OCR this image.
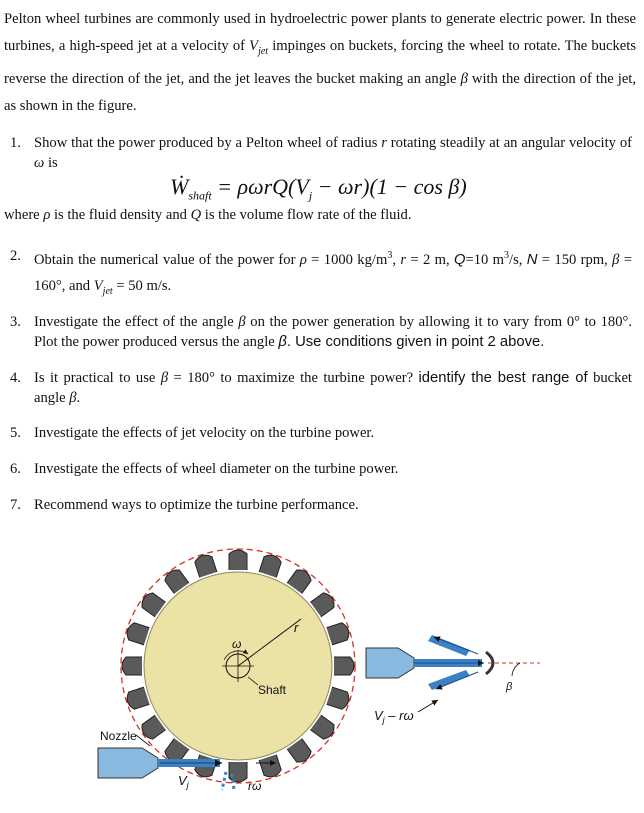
Pelton wheel turbines are commonly used in hydroelectric power plants to generate electric power. In these turbines, a high-speed jet at a velocity of $V_{jet}$ impinges on buckets, forcing the wheel to rotate. The buckets reverse the direction of the jet, and the jet leaves the bucket making an angle β with the direction of the jet, as shown in the figure.
1. Show that the power produced by a Pelton wheel of radius r rotating steadily at an angular velocity of ω is
Ẇ$_{shaft}$ = $\rho\omega rQ(V_j - \omega r)(1 - \cos \beta)$
where ρ is the fluid density and Q is the volume flow rate of the fluid.
2. Obtain the numerical value of the power for ρ = 1000 $kg/m^3$, r = 2 m, Q=10 $m^3/s$, N = 150 rpm, β = 160°, and $V_{jet} = 50$ m/s.
3. Investigate the effect of the angle β on the power generation by allowing it to vary from 0° to 180°. Plot the power produced versus the angle β. Use conditions given in point 2 above.
4. Is it practical to use β = 180° to maximize the turbine power? identify the best range of bucket angle β.
5. Investigate the effects of jet velocity on the turbine power.
6. Investigate the effects of wheel diameter on the turbine power.
7. Recommend ways to optimize the turbine performance.
r
ω
Shaft
Nozzle
$V_j$	rω
β
$V_j$ – rω
